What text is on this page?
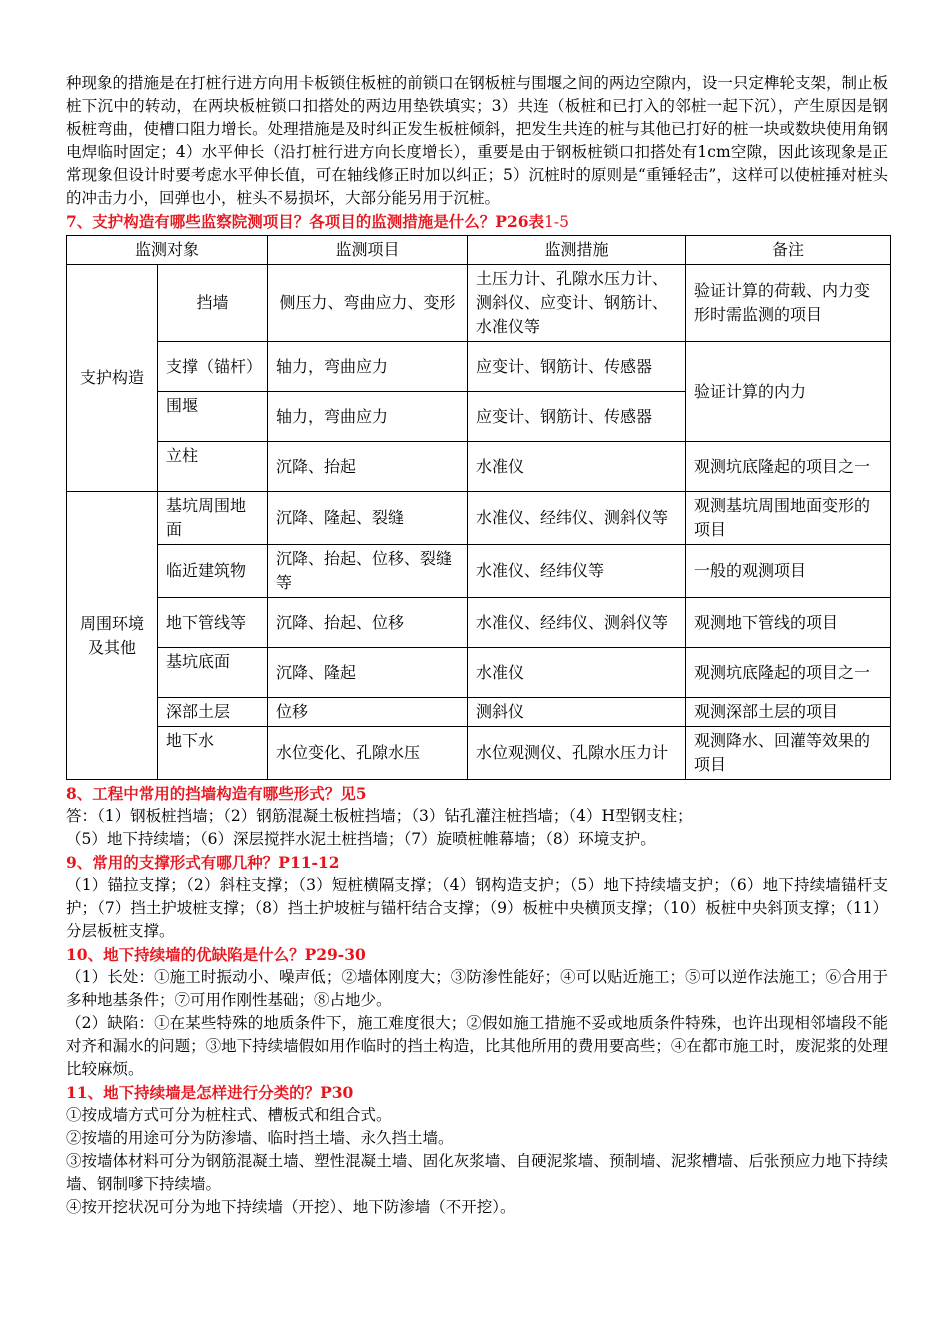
种现象的措施是在打桩行进方向用卡板锁住板桩的前锁口在钢板桩与围堰之间的两边空隙内，设一只定榫轮支架，制止板桩下沉中的转动，在两块板桩锁口扣搭处的两边用垫铁填实；3）共连（板桩和已打入的邻桩一起下沉），产生原因是钢板桩弯曲，使槽口阻力增长。处理措施是及时纠正发生板桩倾斜，把发生共连的桩与其他已打好的桩一块或数块使用角钢电焊临时固定；4）水平伸长（沿打桩行进方向长度增长），重要是由于钢板桩锁口扣搭处有1cm空隙，因此该现象是正常现象但设计时要考虑水平伸长值，可在轴线修正时加以纠正；5）沉桩时的原则是“重锤轻击”，这样可以使桩捶对桩头的冲击力小，回弹也小，桩头不易损坏，大部分能另用于沉桩。

7、支护构造有哪些监察院测项目？各项目的监测措施是什么？P26表1-5

监测对象		监测项目	监测措施	备注
支护构造	挡墙	侧压力、弯曲应力、变形	土压力计、孔隙水压力计、测斜仪、应变计、钢筋计、水准仪等	验证计算的荷载、内力变形时需监测的项目
	支撑（锚杆）	轴力，弯曲应力	应变计、钢筋计、传感器	验证计算的内力
	围堰	轴力，弯曲应力	应变计、钢筋计、传感器	
	立柱	沉降、抬起	水准仪	观测坑底隆起的项目之一
周围环境及其他	基坑周围地面	沉降、隆起、裂缝	水准仪、经纬仪、测斜仪等	观测基坑周围地面变形的项目
	临近建筑物	沉降、抬起、位移、裂缝等	水准仪、经纬仪等	一般的观测项目
	地下管线等	沉降、抬起、位移	水准仪、经纬仪、测斜仪等	观测地下管线的项目
	基坑底面	沉降、隆起	水准仪	观测坑底隆起的项目之一
	深部土层	位移	测斜仪	观测深部土层的项目
	地下水	水位变化、孔隙水压	水位观测仪、孔隙水压力计	观测降水、回灌等效果的项目

8、工程中常用的挡墙构造有哪些形式？见5

答：（1）钢板桩挡墙；（2）钢筋混凝土板桩挡墙；（3）钻孔灌注桩挡墙；（4）H型钢支柱；

（5）地下持续墙；（6）深层搅拌水泥土桩挡墙；（7）旋喷桩帷幕墙；（8）环境支护。

9、常用的支撑形式有哪几种？P11-12

（1）锚拉支撑；（2）斜柱支撑；（3）短桩横隔支撑；（4）钢构造支护；（5）地下持续墙支护；（6）地下持续墙锚杆支护；（7）挡土护坡桩支撑；（8）挡土护坡桩与锚杆结合支撑；（9）板桩中央横顶支撑；（10）板桩中央斜顶支撑；（11）分层板桩支撑。

10、地下持续墙的优缺陷是什么？P29-30

（1）长处：①施工时振动小、噪声低；②墙体刚度大；③防渗性能好；④可以贴近施工；⑤可以逆作法施工；⑥合用于多种地基条件；⑦可用作刚性基础；⑧占地少。

（2）缺陷：①在某些特殊的地质条件下，施工难度很大；②假如施工措施不妥或地质条件特殊，也许出现相邻墙段不能对齐和漏水的问题；③地下持续墙假如用作临时的挡土构造，比其他所用的费用要高些；④在都市施工时，废泥浆的处理比较麻烦。

11、地下持续墙是怎样进行分类的？P30

①按成墙方式可分为桩柱式、槽板式和组合式。

②按墙的用途可分为防渗墙、临时挡土墙、永久挡土墙。

③按墙体材料可分为钢筋混凝土墙、塑性混凝土墙、固化灰浆墙、自硬泥浆墙、预制墙、泥浆槽墙、后张预应力地下持续墙、钢制嗲下持续墙。

④按开挖状况可分为地下持续墙（开挖）、地下防渗墙（不开挖）。
